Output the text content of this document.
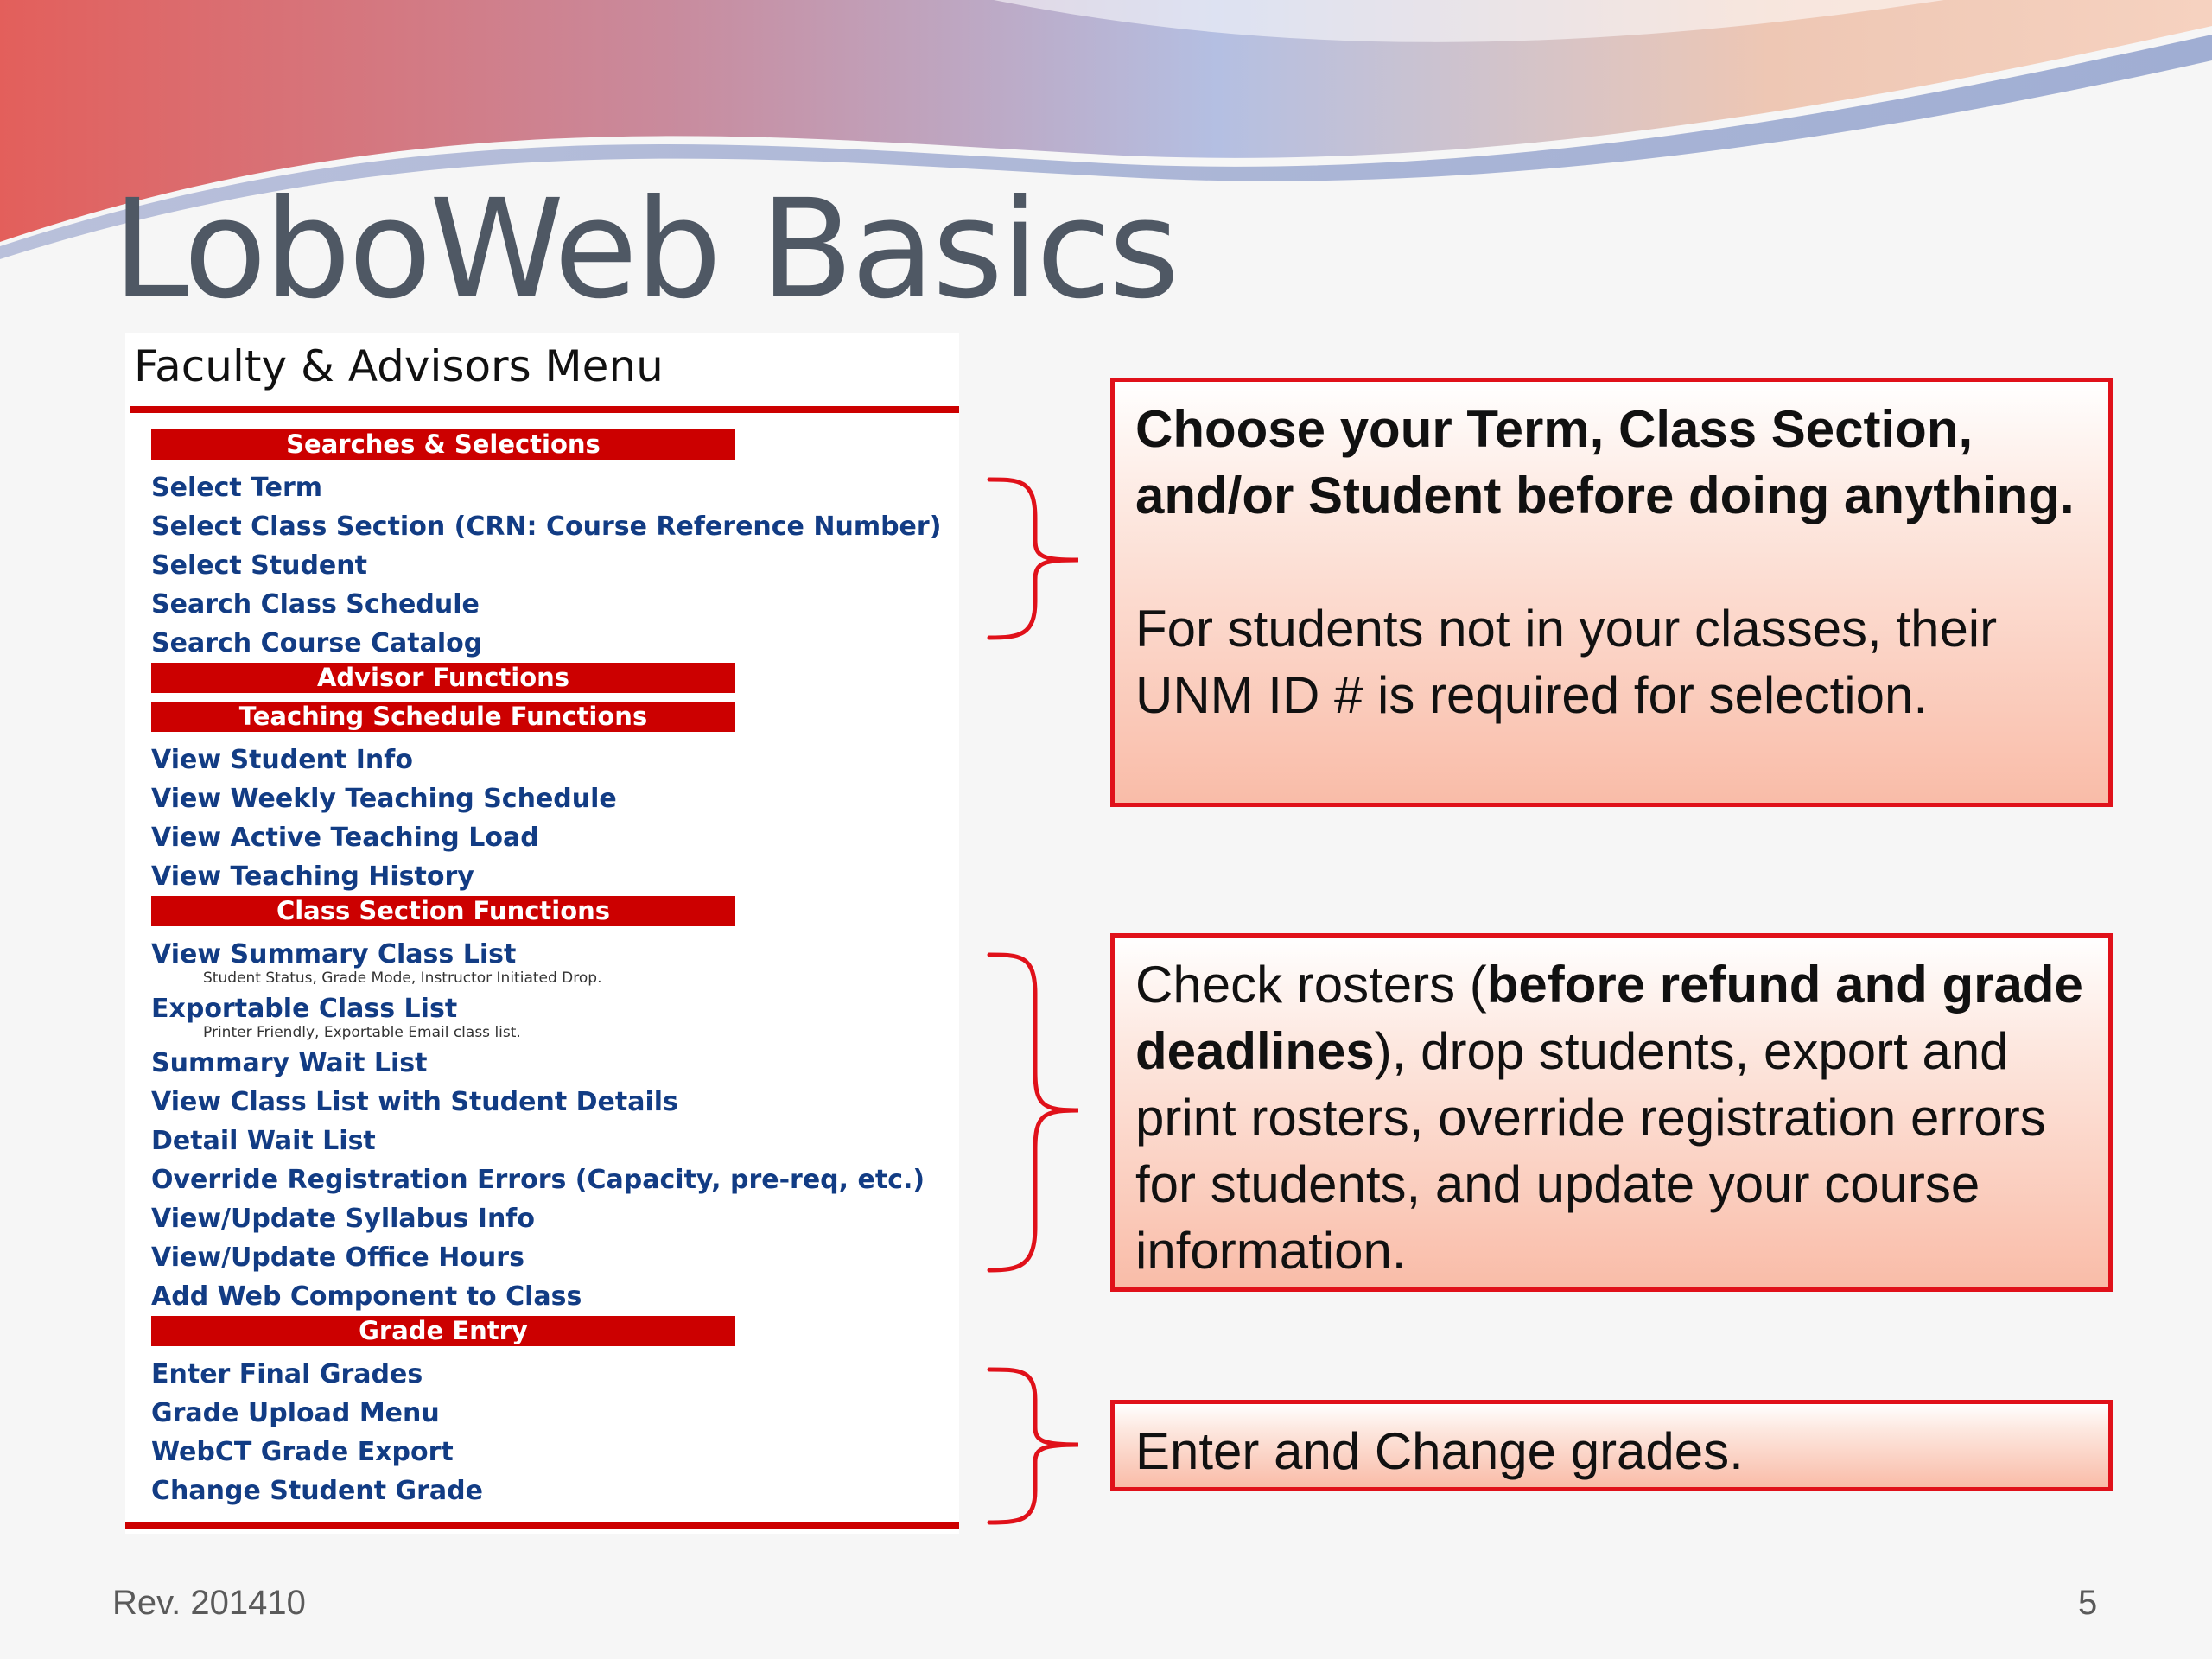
LoboWeb Basics
Faculty & Advisors Menu
Searches & Selections
Select Term
Select Class Section (CRN: Course Reference Number)
Select Student
Search Class Schedule
Search Course Catalog
Advisor Functions
Teaching Schedule Functions
View Student Info
View Weekly Teaching Schedule
View Active Teaching Load
View Teaching History
Class Section Functions
View Summary Class List
Student Status, Grade Mode, Instructor Initiated Drop.
Exportable Class List
Printer Friendly, Exportable Email class list.
Summary Wait List
View Class List with Student Details
Detail Wait List
Override Registration Errors (Capacity, pre-req, etc.)
View/Update Syllabus Info
View/Update Office Hours
Add Web Component to Class
Grade Entry
Enter Final Grades
Grade Upload Menu
WebCT Grade Export
Change Student Grade

Choose your Term, Class Section, and/or Student before doing anything.

For students not in your classes, their UNM ID # is required for selection.

Check rosters (before refund and grade deadlines), drop students, export and print rosters, override registration errors for students, and update your course information.

Enter and Change grades.

Rev. 201410	5
